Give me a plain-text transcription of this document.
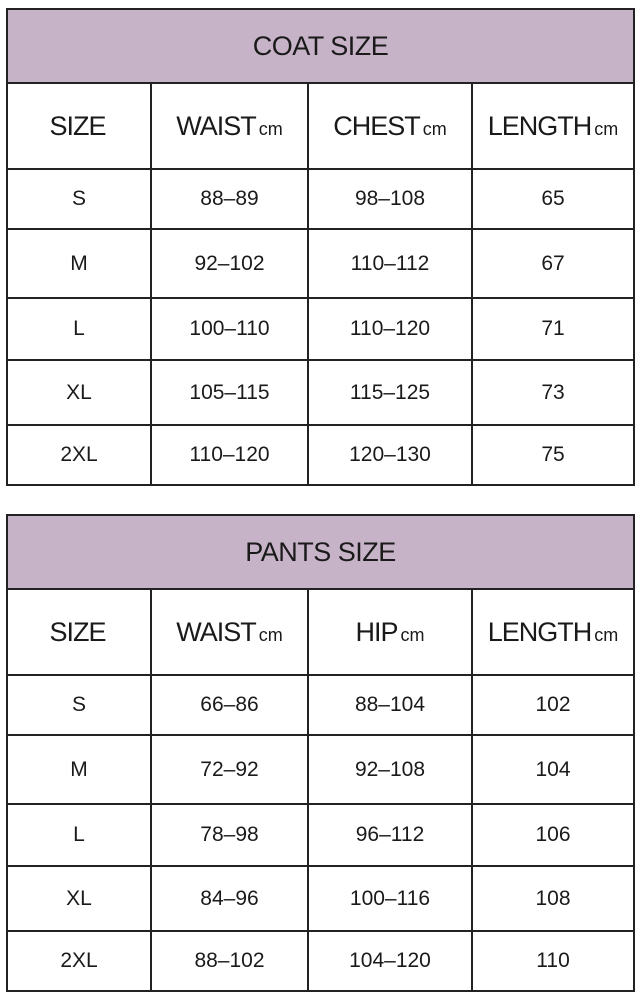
COAT SIZE			
SIZE	WAIST cm	CHEST cm	LENGTH cm
S	88–89	98–108	65
M	92–102	110–112	67
L	100–110	110–120	71
XL	105–115	115–125	73
2XL	110–120	120–130	75
PANTS SIZE			
SIZE	WAIST cm	HIP cm	LENGTH cm
S	66–86	88–104	102
M	72–92	92–108	104
L	78–98	96–112	106
XL	84–96	100–116	108
2XL	88–102	104–120	110
